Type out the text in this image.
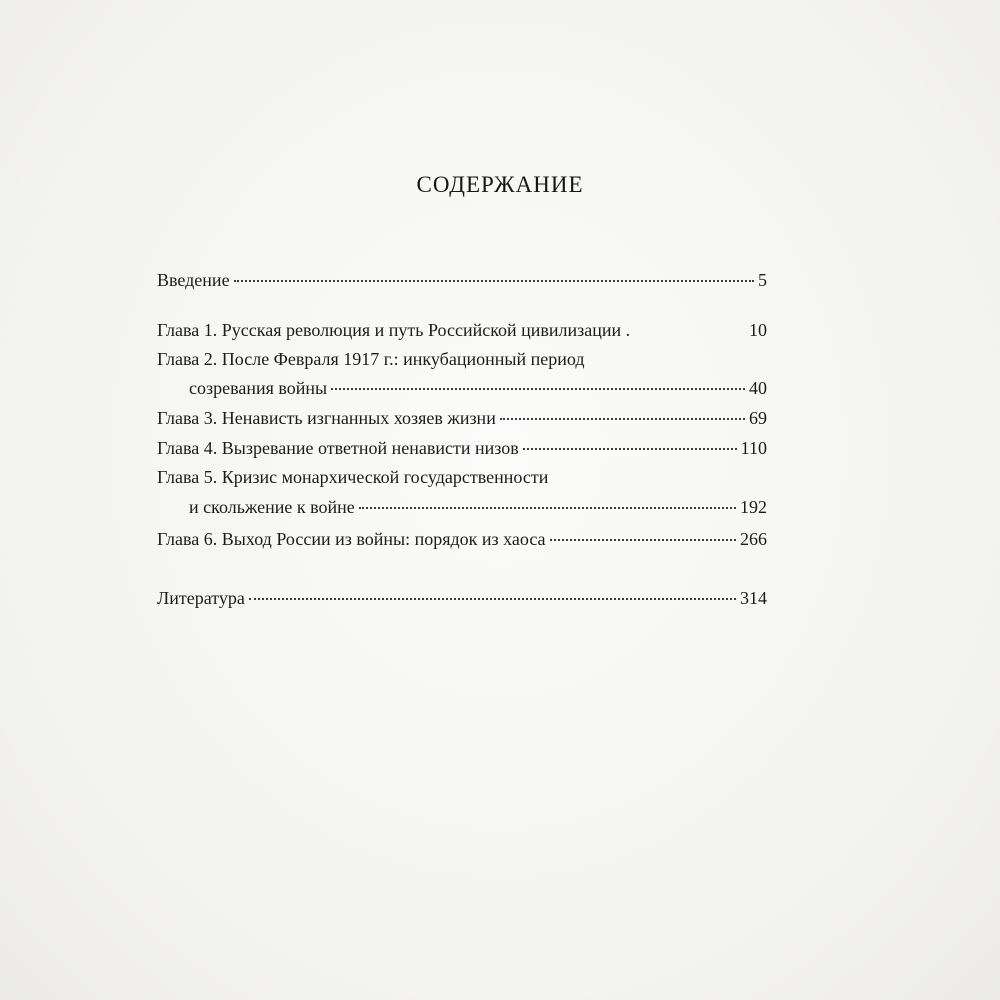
СОДЕРЖАНИЕ
Введение	5
Глава 1. Русская революция и путь Российской цивилизации .	10
Глава 2. После Февраля 1917 г.: инкубационный период
созревания войны	40
Глава 3. Ненависть изгнанных хозяев жизни	69
Глава 4. Вызревание ответной ненависти низов	110
Глава 5. Кризис монархической государственности
и скольжение к войне	192
Глава 6. Выход России из войны: порядок из хаоса	266
Литература	314
